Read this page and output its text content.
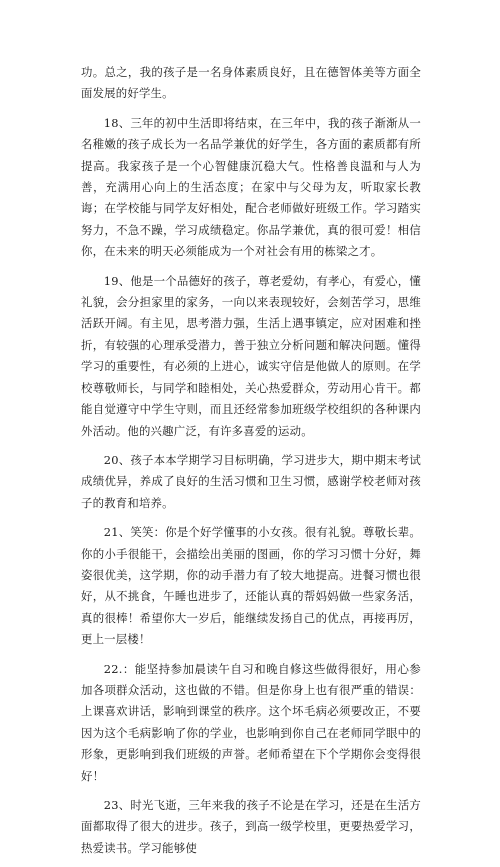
功。总之，我的孩子是一名身体素质良好，且在德智体美等方面全面发展的好学生。

18、三年的初中生活即将结束，在三年中，我的孩子渐渐从一名稚嫩的孩子成长为一名品学兼优的好学生，各方面的素质都有所提高。我家孩子是一个心智健康沉稳大气。性格善良温和与人为善，充满用心向上的生活态度；在家中与父母为友，听取家长教诲；在学校能与同学友好相处，配合老师做好班级工作。学习踏实努力，不急不躁，学习成绩稳定。你品学兼优，真的很可爱！相信你，在未来的明天必须能成为一个对社会有用的栋梁之才。

19、他是一个品德好的孩子，尊老爱幼，有孝心，有爱心，懂礼貌，会分担家里的家务，一向以来表现较好，会刻苦学习，思维活跃开阔。有主见，思考潜力强，生活上遇事镇定，应对困难和挫折，有较强的心理承受潜力，善于独立分析问题和解决问题。懂得学习的重要性，有必须的上进心，诚实守信是他做人的原则。在学校尊敬师长，与同学和睦相处，关心热爱群众，劳动用心肯干。都能自觉遵守中学生守则，而且还经常参加班级学校组织的各种课内外活动。他的兴趣广泛，有许多喜爱的运动。

20、孩子本本学期学习目标明确，学习进步大，期中期末考试成绩优异，养成了良好的生活习惯和卫生习惯，感谢学校老师对孩子的教育和培养。

21、笑笑：你是个好学懂事的小女孩。很有礼貌。尊敬长辈。你的小手很能干，会描绘出美丽的图画，你的学习习惯十分好，舞姿很优美，这学期，你的动手潜力有了较大地提高。进餐习惯也很好，从不挑食，午睡也进步了，还能认真的帮妈妈做一些家务活，真的很棒！希望你大一岁后，能继续发扬自己的优点，再接再厉，更上一层楼！

22.：能坚持参加晨读午自习和晚自修这些做得很好，用心参加各项群众活动，这也做的不错。但是你身上也有很严重的错误：上课喜欢讲话，影响到课堂的秩序。这个坏毛病必须要改正，不要因为这个毛病影响了你的学业，也影响到你自己在老师同学眼中的形象，更影响到我们班级的声誉。老师希望在下个学期你会变得很好！

23、时光飞逝，三年来我的孩子不论是在学习，还是在生活方面都取得了很大的进步。孩子，到高一级学校里，更要热爱学习，热爱读书。学习能够使
